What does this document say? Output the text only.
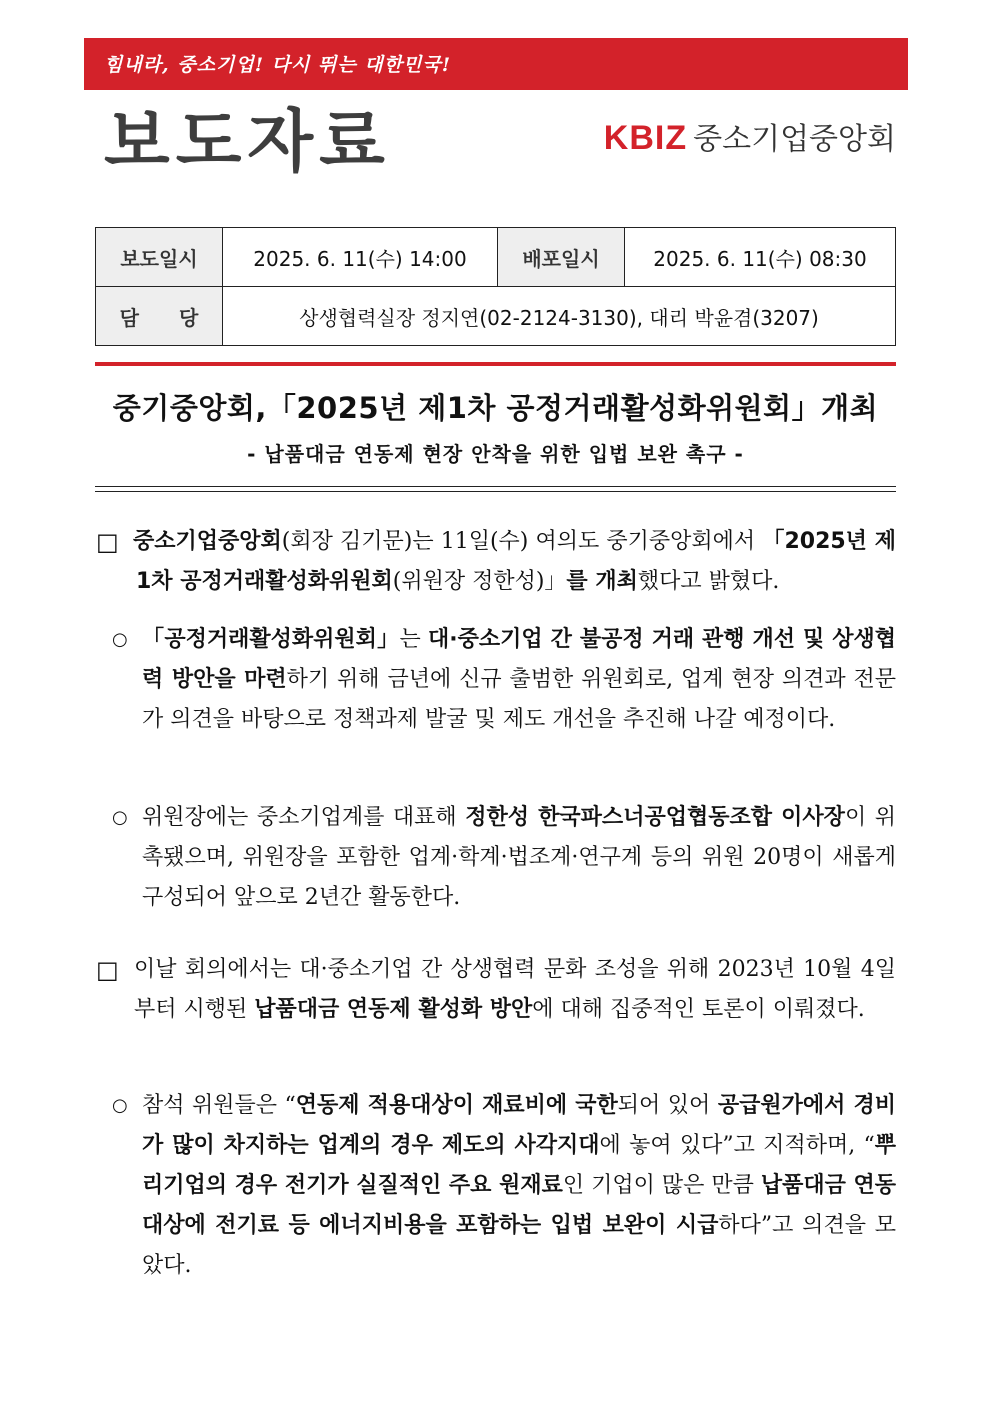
힘내라, 중소기업! 다시 뛰는 대한민국!
보도자료	KBIZ 중소기업중앙회
보도일시	2025. 6. 11(수) 14:00	배포일시	2025. 6. 11(수) 08:30
담　　당	상생협력실장 정지연(02-2124-3130), 대리 박윤겸(3207)		
중기중앙회,「2025년 제1차 공정거래활성화위원회」개최
- 납품대금 연동제 현장 안착을 위한 입법 보완 촉구 -
□ 중소기업중앙회(회장 김기문)는 11일(수) 여의도 중기중앙회에서 「2025년 제1차 공정거래활성화위원회(위원장 정한성)」를 개최했다고 밝혔다.
○ 「공정거래활성화위원회」는 대·중소기업 간 불공정 거래 관행 개선 및 상생협력 방안을 마련하기 위해 금년에 신규 출범한 위원회로, 업계 현장 의견과 전문가 의견을 바탕으로 정책과제 발굴 및 제도 개선을 추진해 나갈 예정이다.
○ 위원장에는 중소기업계를 대표해 정한성 한국파스너공업협동조합 이사장이 위촉됐으며, 위원장을 포함한 업계·학계·법조계·연구계 등의 위원 20명이 새롭게 구성되어 앞으로 2년간 활동한다.
□ 이날 회의에서는 대·중소기업 간 상생협력 문화 조성을 위해 2023년 10월 4일부터 시행된 납품대금 연동제 활성화 방안에 대해 집중적인 토론이 이뤄졌다.
○ 참석 위원들은 “연동제 적용대상이 재료비에 국한되어 있어 공급원가에서 경비가 많이 차지하는 업계의 경우 제도의 사각지대에 놓여 있다”고 지적하며, “뿌리기업의 경우 전기가 실질적인 주요 원재료인 기업이 많은 만큼 납품대금 연동 대상에 전기료 등 에너지비용을 포함하는 입법 보완이 시급하다”고 의견을 모았다.
